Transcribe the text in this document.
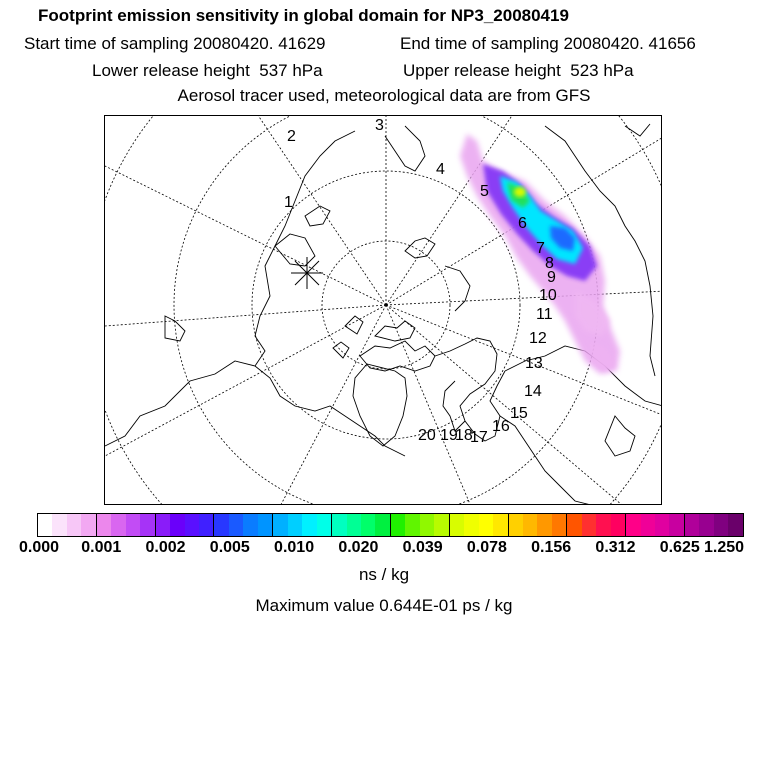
Footprint emission sensitivity in global domain for NP3_20080419
Start time of sampling 20080420. 41629	End time of sampling 20080420. 41656
Lower release height  537 hPa	Upper release height  523 hPa
Aerosol tracer used, meteorological data are from GFS
1
2
3
4
5
6
7
8
9
10
11
12
13
14
15
16
17
18
19
20
0.000 0.001 0.002 0.005 0.010 0.020 0.039 0.078 0.156 0.312 0.625 1.250
ns / kg
Maximum value 0.644E-01 ps / kg
